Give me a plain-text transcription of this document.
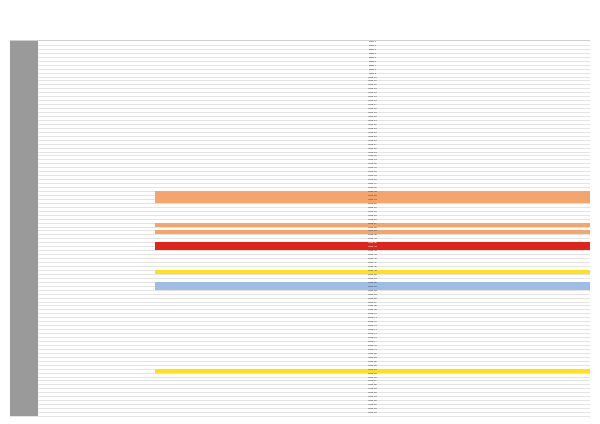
Row 1
Row 2
Row 3
Row 4
Row 5
Row 6
Row 7
Row 8
Row 9
Row 10
Row 11
Row 12
Row 13
Row 14
Row 15
Row 16
Row 17
Row 18
Row 19
Row 20
Row 21
Row 22
Row 23
Row 24
Row 25
Row 26
Row 27
Row 28
Row 29
Row 30
Row 31
Row 32
Row 33
Row 34
Row 35
Row 36
Row 37
Row 38
Row 39
Row 40
Row 41
Row 42
Row 43
Row 44
Row 45
Row 46
Row 47
Row 48
Row 49
Row 50
Row 51
Row 52
Row 53
Row 54
Row 55
Row 56
Row 57
Row 58
Row 59
Row 60
Row 61
Row 62
Row 63
Row 64
Row 65
Row 66
Row 67
Row 68
Row 69
Row 70
Row 71
Row 72
Row 73
Row 74
Row 75
Row 76
Row 77
Row 78
Row 79
Row 80
Row 81
Row 82
Row 83
Row 84
Row 85
Row 86
Row 87
Row 88
Row 89
Row 90
Row 91
Row 92
Row 93
Row 94
Row 95
